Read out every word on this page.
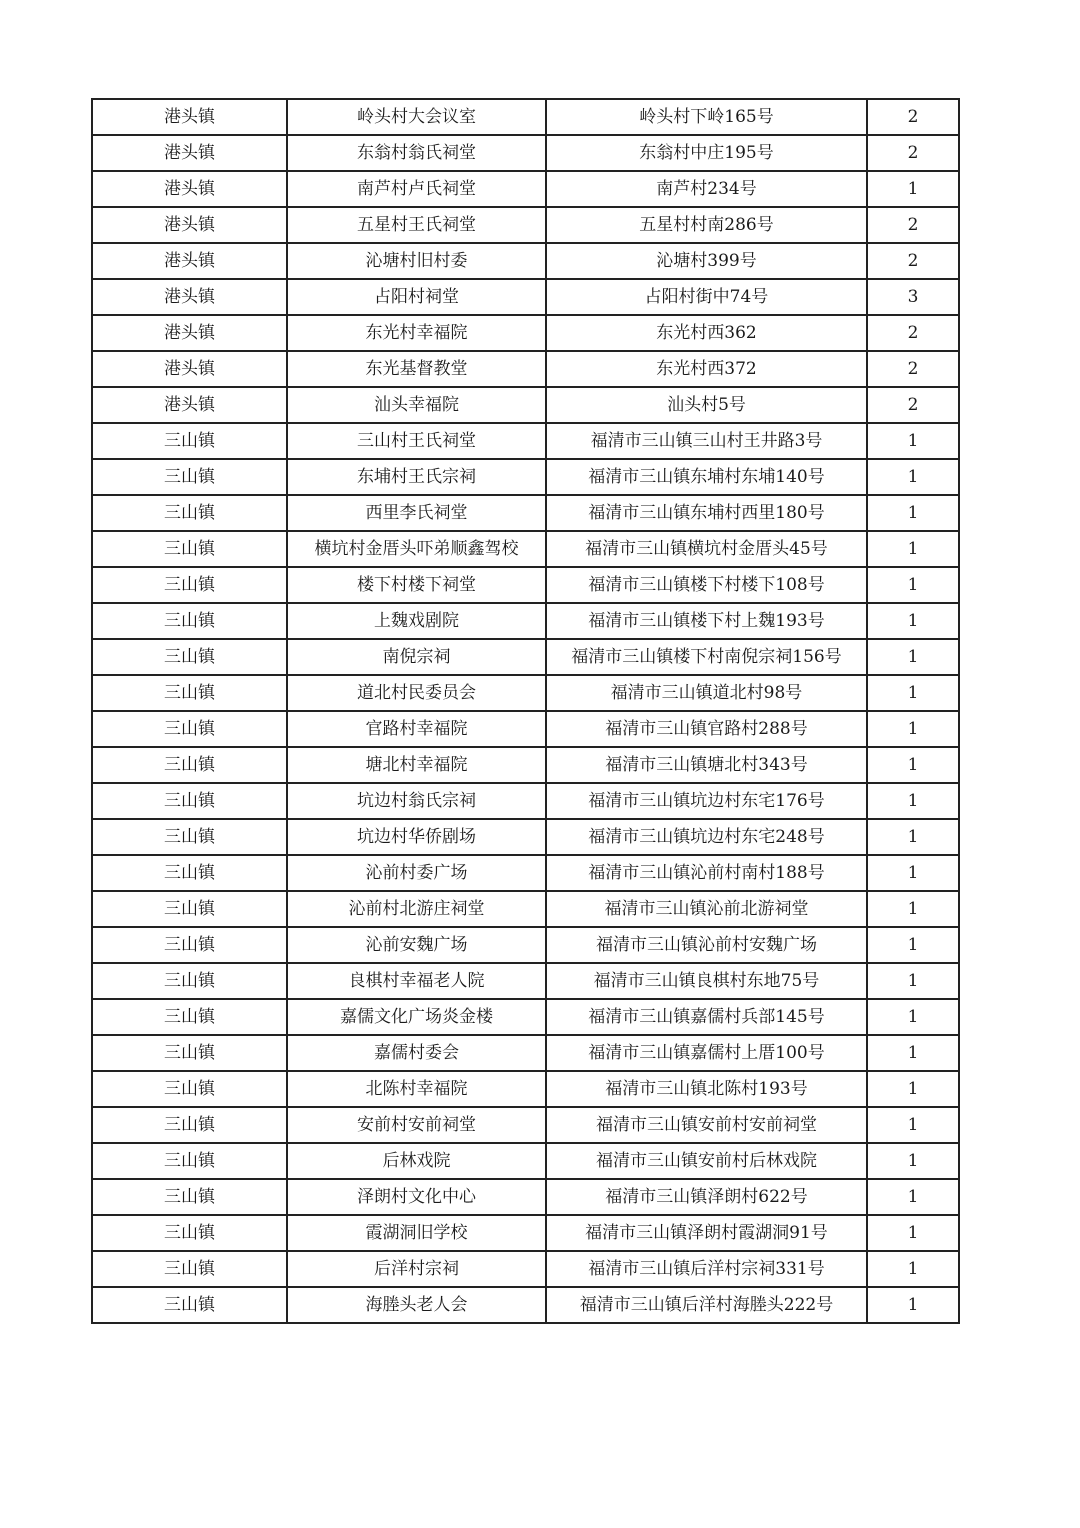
港头镇	岭头村大会议室	岭头村下岭165号	2
港头镇	东翁村翁氏祠堂	东翁村中庄195号	2
港头镇	南芦村卢氏祠堂	南芦村234号	1
港头镇	五星村王氏祠堂	五星村村南286号	2
港头镇	沁塘村旧村委	沁塘村399号	2
港头镇	占阳村祠堂	占阳村街中74号	3
港头镇	东光村幸福院	东光村西362	2
港头镇	东光基督教堂	东光村西372	2
港头镇	汕头幸福院	汕头村5号	2
三山镇	三山村王氏祠堂	福清市三山镇三山村王井路3号	1
三山镇	东埔村王氏宗祠	福清市三山镇东埔村东埔140号	1
三山镇	西里李氏祠堂	福清市三山镇东埔村西里180号	1
三山镇	横坑村金厝头吓弟顺鑫驾校	福清市三山镇横坑村金厝头45号	1
三山镇	楼下村楼下祠堂	福清市三山镇楼下村楼下108号	1
三山镇	上魏戏剧院	福清市三山镇楼下村上魏193号	1
三山镇	南倪宗祠	福清市三山镇楼下村南倪宗祠156号	1
三山镇	道北村民委员会	福清市三山镇道北村98号	1
三山镇	官路村幸福院	福清市三山镇官路村288号	1
三山镇	塘北村幸福院	福清市三山镇塘北村343号	1
三山镇	坑边村翁氏宗祠	福清市三山镇坑边村东宅176号	1
三山镇	坑边村华侨剧场	福清市三山镇坑边村东宅248号	1
三山镇	沁前村委广场	福清市三山镇沁前村南村188号	1
三山镇	沁前村北游庄祠堂	福清市三山镇沁前北游祠堂	1
三山镇	沁前安魏广场	福清市三山镇沁前村安魏广场	1
三山镇	良棋村幸福老人院	福清市三山镇良棋村东地75号	1
三山镇	嘉儒文化广场炎金楼	福清市三山镇嘉儒村兵部145号	1
三山镇	嘉儒村委会	福清市三山镇嘉儒村上厝100号	1
三山镇	北陈村幸福院	福清市三山镇北陈村193号	1
三山镇	安前村安前祠堂	福清市三山镇安前村安前祠堂	1
三山镇	后林戏院	福清市三山镇安前村后林戏院	1
三山镇	泽朗村文化中心	福清市三山镇泽朗村622号	1
三山镇	霞湖洞旧学校	福清市三山镇泽朗村霞湖洞91号	1
三山镇	后洋村宗祠	福清市三山镇后洋村宗祠331号	1
三山镇	海塍头老人会	福清市三山镇后洋村海塍头222号	1
